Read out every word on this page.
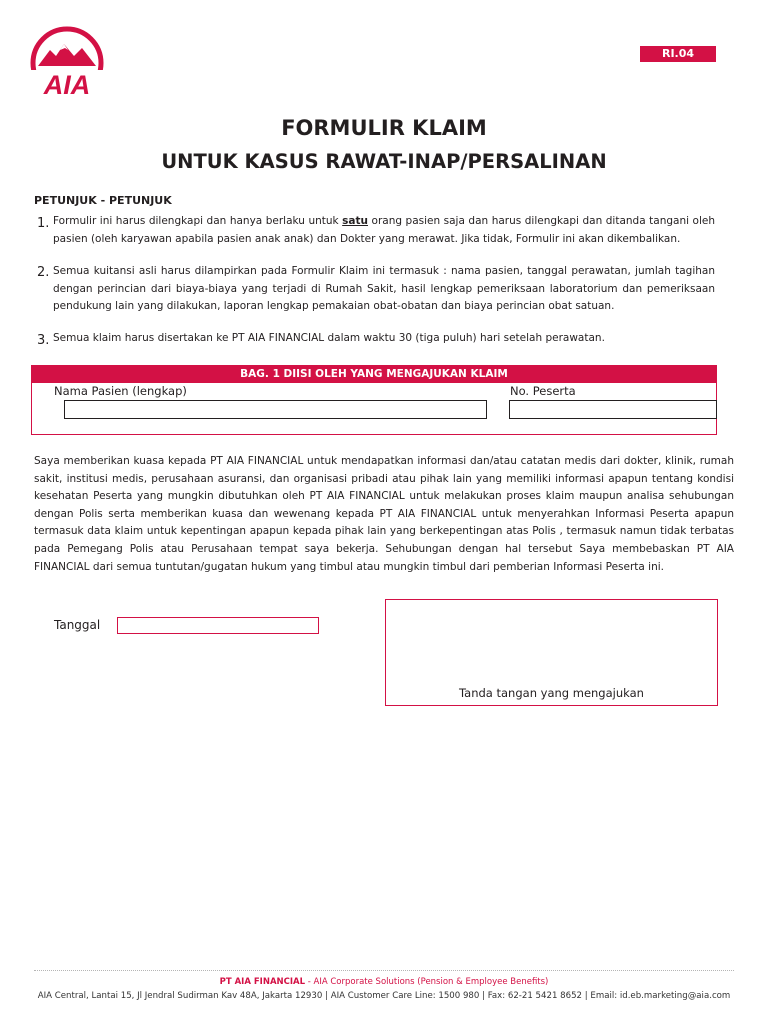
AIA
RI.04
FORMULIR KLAIM
UNTUK KASUS RAWAT-INAP/PERSALINAN
PETUNJUK - PETUNJUK
1. Formulir ini harus dilengkapi dan hanya berlaku untuk satu orang pasien saja dan harus dilengkapi dan ditanda tangani oleh pasien (oleh karyawan apabila pasien anak anak) dan Dokter yang merawat. Jika tidak, Formulir ini akan dikembalikan.
2. Semua kuitansi asli harus dilampirkan pada Formulir Klaim ini termasuk : nama pasien, tanggal perawatan, jumlah tagihan dengan perincian dari biaya-biaya yang terjadi di Rumah Sakit, hasil lengkap pemeriksaan laboratorium dan pemeriksaan pendukung lain yang dilakukan, laporan lengkap pemakaian obat-obatan dan biaya perincian obat satuan.
3. Semua klaim harus disertakan ke PT AIA FINANCIAL dalam waktu 30 (tiga puluh) hari setelah perawatan.
BAG. 1 DIISI OLEH YANG MENGAJUKAN KLAIM
Nama Pasien (lengkap)	No. Peserta
Saya memberikan kuasa kepada PT AIA FINANCIAL untuk mendapatkan informasi dan/atau catatan medis dari dokter, klinik, rumah sakit, institusi medis, perusahaan asuransi, dan organisasi pribadi atau pihak lain yang memiliki informasi apapun tentang kondisi kesehatan Peserta yang mungkin dibutuhkan oleh PT AIA FINANCIAL untuk melakukan proses klaim maupun analisa sehubungan dengan Polis serta memberikan kuasa dan wewenang kepada PT AIA FINANCIAL untuk menyerahkan Informasi Peserta apapun termasuk data klaim untuk kepentingan apapun kepada pihak lain yang berkepentingan atas Polis , termasuk namun tidak terbatas pada Pemegang Polis atau Perusahaan tempat saya bekerja. Sehubungan dengan hal tersebut Saya membebaskan PT AIA FINANCIAL dari semua tuntutan/gugatan hukum yang timbul atau mungkin timbul dari pemberian Informasi Peserta ini.
Tanggal
Tanda tangan yang mengajukan
PT AIA FINANCIAL - AIA Corporate Solutions (Pension & Employee Benefits)
AIA Central, Lantai 15, Jl Jendral Sudirman Kav 48A, Jakarta 12930 | AIA Customer Care Line: 1500 980 | Fax: 62-21 5421 8652 | Email: id.eb.marketing@aia.com
